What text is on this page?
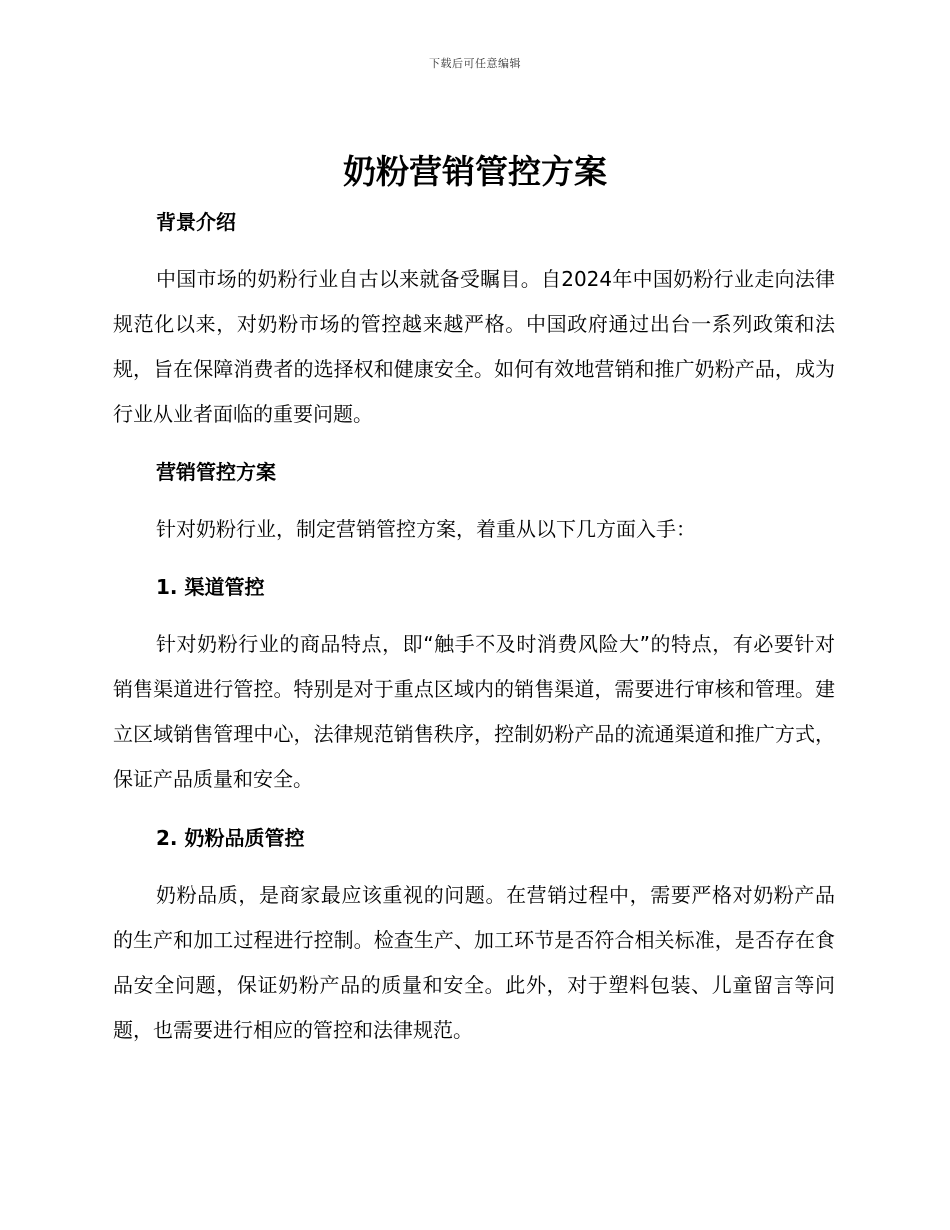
下载后可任意编辑
奶粉营销管控方案
背景介绍

中国市场的奶粉行业自古以来就备受瞩目。自2024年中国奶粉行业走向法律规范化以来，对奶粉市场的管控越来越严格。中国政府通过出台一系列政策和法规，旨在保障消费者的选择权和健康安全。如何有效地营销和推广奶粉产品，成为行业从业者面临的重要问题。

营销管控方案

针对奶粉行业，制定营销管控方案，着重从以下几方面入手：

1. 渠道管控

针对奶粉行业的商品特点，即“触手不及时消费风险大”的特点，有必要针对销售渠道进行管控。特别是对于重点区域内的销售渠道，需要进行审核和管理。建立区域销售管理中心，法律规范销售秩序，控制奶粉产品的流通渠道和推广方式，保证产品质量和安全。

2. 奶粉品质管控

奶粉品质，是商家最应该重视的问题。在营销过程中，需要严格对奶粉产品的生产和加工过程进行控制。检查生产、加工环节是否符合相关标准，是否存在食品安全问题，保证奶粉产品的质量和安全。此外，对于塑料包装、儿童留言等问题，也需要进行相应的管控和法律规范。
